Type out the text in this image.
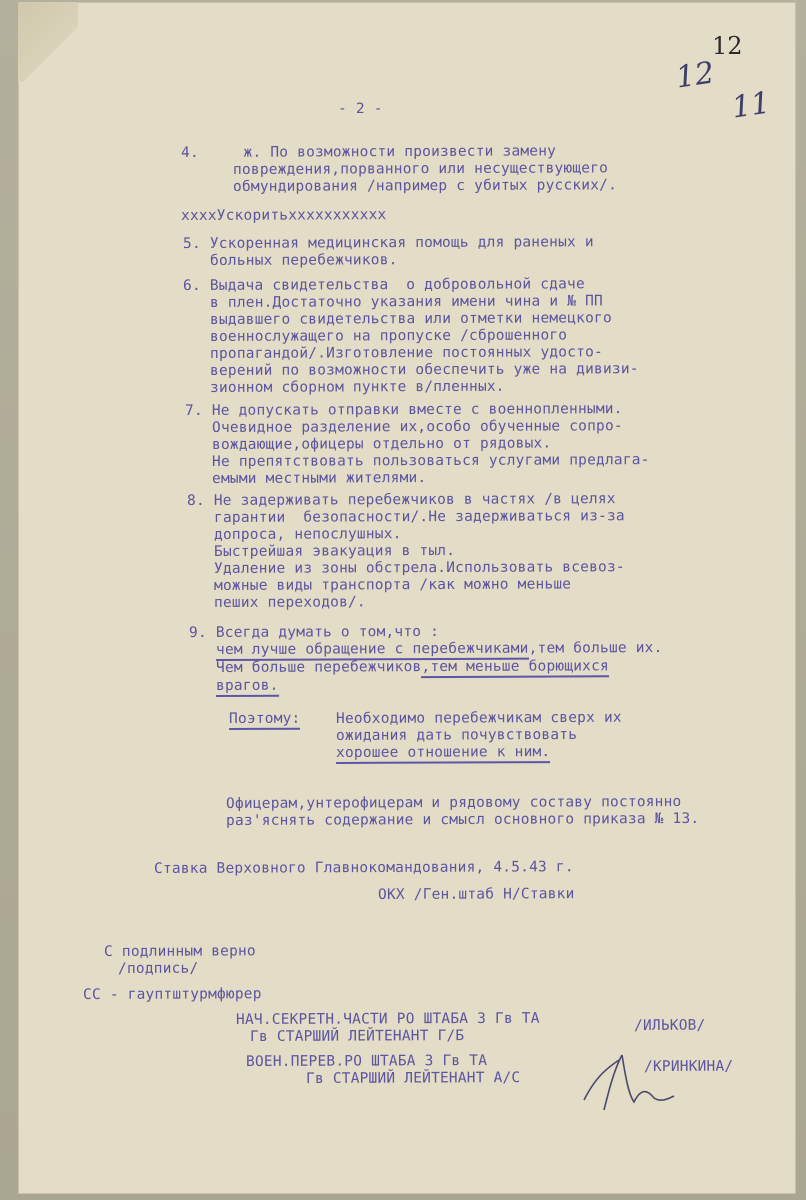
12
12
11
- 2 -
4.     ж. По возможности произвести замену
повреждения,порванного или несуществующего
обмундирования /например с убитых русских/.
ххххУскоритьххххххххххх
5. Ускоренная медицинская помощь для раненых и
больных перебежчиков.
6. Выдача свидетельства  о добровольной сдаче
в плен.Достаточно указания имени чина и № ПП
выдавшего свидетельства или отметки немецкого
военнослужащего на пропуске /сброшенного
пропагандой/.Изготовление постоянных удосто-
верений по возможности обеспечить уже на дивизи-
зионном сборном пункте в/пленных.
7. Не допускать отправки вместе с военнопленными.
Очевидное разделение их,особо обученные сопро-
вождающие,офицеры отдельно от рядовых.
Не препятствовать пользоваться услугами предлага-
емыми местными жителями.
8. Не задерживать перебежчиков в частях /в целях
гарантии  безопасности/.Не задерживаться из-за
допроса, непослушных.
Быстрейшая эвакуация в тыл.
Удаление из зоны обстрела.Использовать всевоз-
можные виды транспорта /как можно меньше
пеших переходов/.
9. Всегда думать о том,что :
чем лучше обращение с перебежчиками,тем больше их.
Чем больше перебежчиков,тем меньше борющихся
врагов.
Поэтому: Необходимо перебежчикам сверх их
ожидания дать почувствовать
хорошее отношение к ним.
Офицерам,унтерофицерам и рядовому составу постоянно
раз'яснять содержание и смысл основного приказа № 13.
Ставка Верховного Главнокомандования, 4.5.43 г.
ОКХ /Ген.штаб Н/Ставки
С подлинным верно
/подпись/
СС - гауптштурмфюрер
НАЧ.СЕКРЕТН.ЧАСТИ РО ШТАБА 3 Гв ТА
Гв СТАРШИЙ ЛЕЙТЕНАНТ Г/Б
/ИЛЬКОВ/
ВОЕН.ПЕРЕВ.РО ШТАБА 3 Гв ТА
Гв СТАРШИЙ ЛЕЙТЕНАНТ А/С
/КРИНКИНА/
